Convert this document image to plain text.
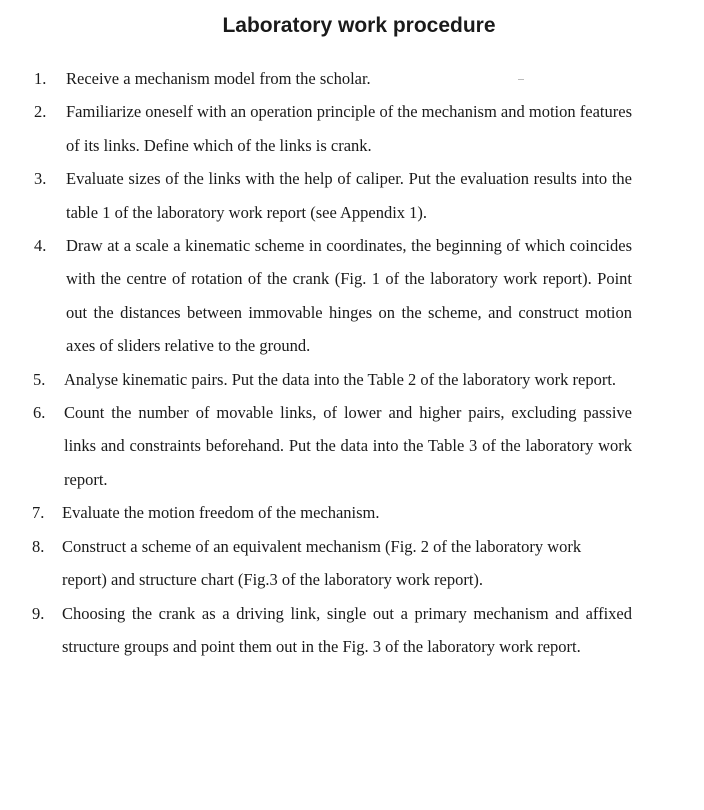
Laboratory work procedure
1. Receive a mechanism model from the scholar.
2. Familiarize oneself with an operation principle of the mechanism and motion features of its links. Define which of the links is crank.
3. Evaluate sizes of the links with the help of caliper. Put the evaluation results into the table 1 of the laboratory work report (see Appendix 1).
4. Draw at a scale a kinematic scheme in coordinates, the beginning of which coincides with the centre of rotation of the crank (Fig. 1 of the laboratory work report). Point out the distances between immovable hinges on the scheme, and construct motion axes of sliders relative to the ground.
5. Analyse kinematic pairs. Put the data into the Table 2 of the laboratory work report.
6. Count the number of movable links, of lower and higher pairs, excluding passive links and constraints beforehand. Put the data into the Table 3 of the laboratory work report.
7. Evaluate the motion freedom of the mechanism.
8. Construct a scheme of an equivalent mechanism (Fig. 2 of the laboratory work report) and structure chart (Fig.3 of the laboratory work report).
9. Choosing the crank as a driving link, single out a primary mechanism and affixed structure groups and point them out in the Fig. 3 of the laboratory work report.
